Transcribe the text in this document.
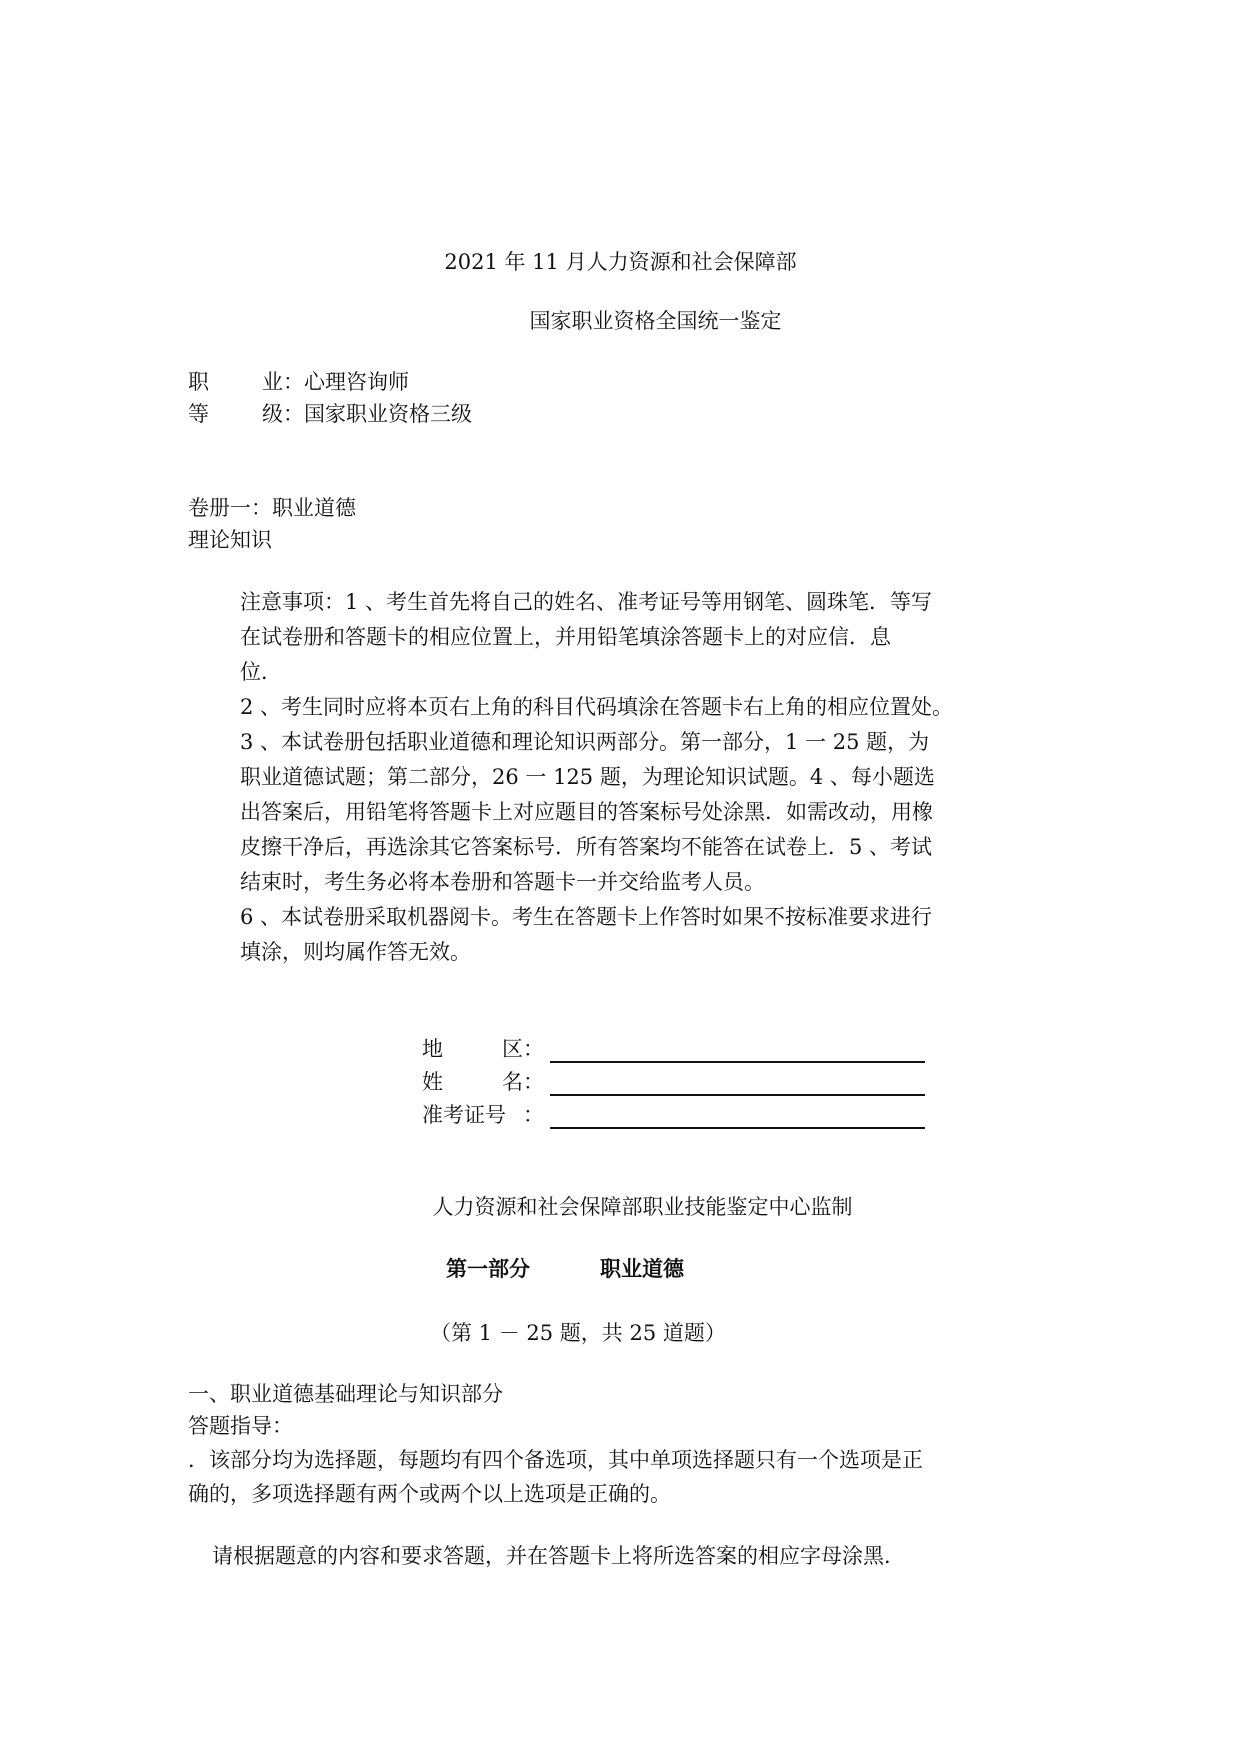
2021 年 11 月人力资源和社会保障部
国家职业资格全国统一鉴定
职	业：心理咨询师
等	级：国家职业资格三级
卷册一：职业道德
理论知识
注意事项：1 、考生首先将自己的姓名、准考证号等用钢笔、圆珠笔．等写
在试卷册和答题卡的相应位置上，并用铅笔填涂答题卡上的对应信．息
位．
2 、考生同时应将本页右上角的科目代码填涂在答题卡右上角的相应位置处。
3 、本试卷册包括职业道德和理论知识两部分。第一部分，1 一 25 题，为
职业道德试题；第二部分，26 一 125 题，为理论知识试题。4 、每小题选
出答案后，用铅笔将答题卡上对应题目的答案标号处涂黑．如需改动，用橡
皮擦干净后，再选涂其它答案标号．所有答案均不能答在试卷上．5 、考试
结束时，考生务必将本卷册和答题卡一并交给监考人员。
6 、本试卷册采取机器阅卡。考生在答题卡上作答时如果不按标准要求进行
填涂，则均属作答无效。
地	区：
姓	名：
准考证号 ：
人力资源和社会保障部职业技能鉴定中心监制
第一部分	职业道德
（第 1 － 25 题，共 25 道题）
一、职业道德基础理论与知识部分
答题指导：
．该部分均为选择题，每题均有四个备选项，其中单项选择题只有一个选项是正
确的，多项选择题有两个或两个以上选项是正确的。
请根据题意的内容和要求答题，并在答题卡上将所选答案的相应字母涂黑．
